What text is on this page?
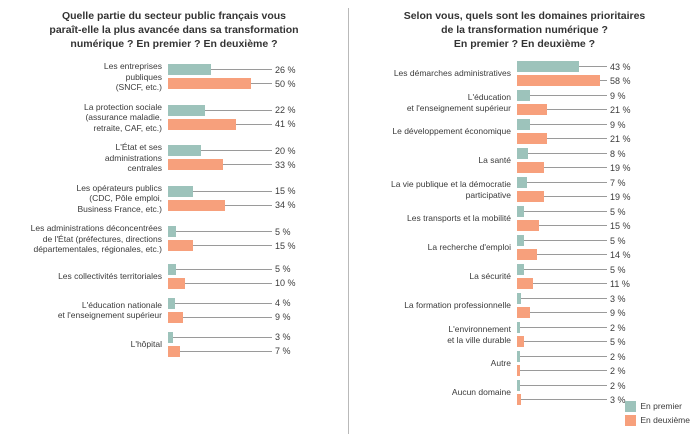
Quelle partie du secteur public français vous
paraît-elle la plus avancée dans sa transformation
numérique ? En premier ? En deuxième ?
Les entreprises
publiques
(SNCF, etc.)
26 %
50 %
La protection sociale
(assurance maladie,
retraite, CAF, etc.)
22 %
41 %
L'État et ses
administrations
centrales
20 %
33 %
Les opérateurs publics
(CDC, Pôle emploi,
Business France, etc.)
15 %
34 %
Les administrations déconcentrées
de l'État (préfectures, directions
départementales, régionales, etc.)
5 %
15 %
Les collectivités territoriales
5 %
10 %
L'éducation nationale
et l'enseignement supérieur
4 %
9 %
L'hôpital
3 %
7 %
Selon vous, quels sont les domaines prioritaires
de la transformation numérique ?
En premier ? En deuxième ?
Les démarches administratives
43 %
58 %
L'éducation
et l'enseignement supérieur
9 %
21 %
Le développement économique
9 %
21 %
La santé
8 %
19 %
La vie publique et la démocratie
participative
7 %
19 %
Les transports et la mobilité
5 %
15 %
La recherche d'emploi
5 %
14 %
La sécurité
5 %
11 %
La formation professionnelle
3 %
9 %
L'environnement
et la ville durable
2 %
5 %
Autre
2 %
2 %
Aucun domaine
2 %
3 %
En premier
En deuxième
